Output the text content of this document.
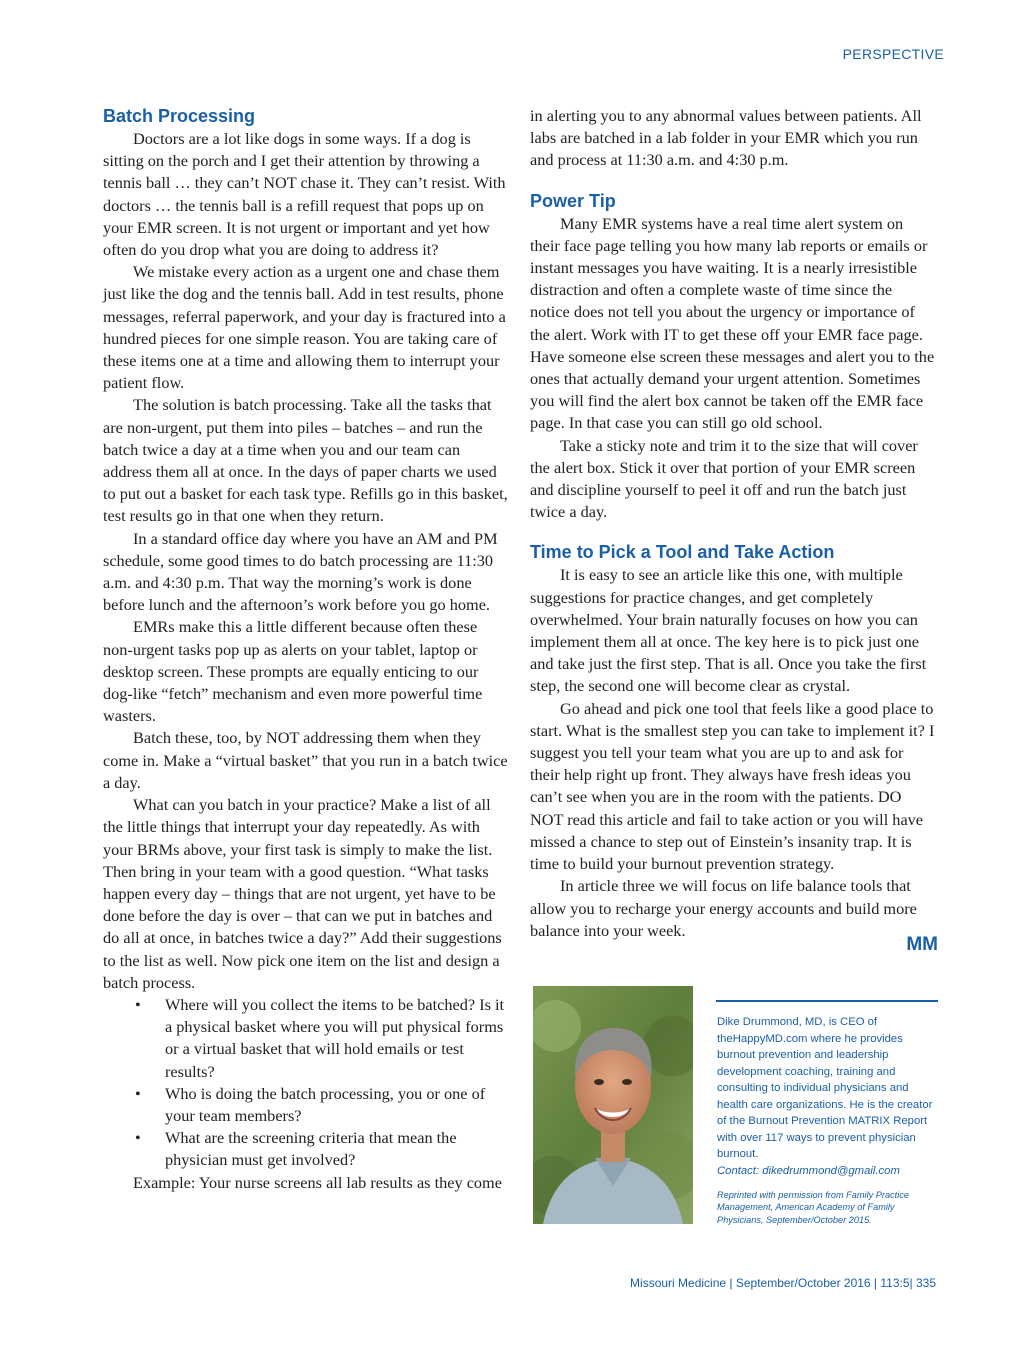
PERSPECTIVE
Batch Processing

Doctors are a lot like dogs in some ways. If a dog is sitting on the porch and I get their attention by throwing a tennis ball … they can’t NOT chase it. They can’t resist. With doctors … the tennis ball is a refill request that pops up on your EMR screen. It is not urgent or important and yet how often do you drop what you are doing to address it?

We mistake every action as a urgent one and chase them just like the dog and the tennis ball. Add in test results, phone messages, referral paperwork, and your day is fractured into a hundred pieces for one simple reason. You are taking care of these items one at a time and allowing them to interrupt your patient flow.

The solution is batch processing. Take all the tasks that are non-urgent, put them into piles – batches – and run the batch twice a day at a time when you and our team can address them all at once. In the days of paper charts we used to put out a basket for each task type. Refills go in this basket, test results go in that one when they return.

In a standard office day where you have an AM and PM schedule, some good times to do batch processing are 11:30 a.m. and 4:30 p.m. That way the morning’s work is done before lunch and the afternoon’s work before you go home.

EMRs make this a little different because often these non-urgent tasks pop up as alerts on your tablet, laptop or desktop screen. These prompts are equally enticing to our dog-like “fetch” mechanism and even more powerful time wasters.

Batch these, too, by NOT addressing them when they come in. Make a “virtual basket” that you run in a batch twice a day.

What can you batch in your practice? Make a list of all the little things that interrupt your day repeatedly. As with your BRMs above, your first task is simply to make the list. Then bring in your team with a good question. “What tasks happen every day – things that are not urgent, yet have to be done before the day is over – that can we put in batches and do all at once, in batches twice a day?” Add their suggestions to the list as well. Now pick one item on the list and design a batch process.

• Where will you collect the items to be batched? Is it a physical basket where you will put physical forms or a virtual basket that will hold emails or test results?
• Who is doing the batch processing, you or one of your team members?
• What are the screening criteria that mean the physician must get involved?

Example: Your nurse screens all lab results as they come

in alerting you to any abnormal values between patients. All labs are batched in a lab folder in your EMR which you run and process at 11:30 a.m. and 4:30 p.m.

Power Tip

Many EMR systems have a real time alert system on their face page telling you how many lab reports or emails or instant messages you have waiting. It is a nearly irresistible distraction and often a complete waste of time since the notice does not tell you about the urgency or importance of the alert. Work with IT to get these off your EMR face page. Have someone else screen these messages and alert you to the ones that actually demand your urgent attention. Sometimes you will find the alert box cannot be taken off the EMR face page. In that case you can still go old school.

Take a sticky note and trim it to the size that will cover the alert box. Stick it over that portion of your EMR screen and discipline yourself to peel it off and run the batch just twice a day.

Time to Pick a Tool and Take Action

It is easy to see an article like this one, with multiple suggestions for practice changes, and get completely overwhelmed. Your brain naturally focuses on how you can implement them all at once. The key here is to pick just one and take just the first step. That is all. Once you take the first step, the second one will become clear as crystal.

Go ahead and pick one tool that feels like a good place to start. What is the smallest step you can take to implement it? I suggest you tell your team what you are up to and ask for their help right up front. They always have fresh ideas you can’t see when you are in the room with the patients. DO NOT read this article and fail to take action or you will have missed a chance to step out of Einstein’s insanity trap. It is time to build your burnout prevention strategy.

In article three we will focus on life balance tools that allow you to recharge your energy accounts and build more balance into your week.

MM
Dike Drummond, MD, is CEO of theHappyMD.com where he provides burnout prevention and leadership development coaching, training and consulting to individual physicians and health care organizations. He is the creator of the Burnout Prevention MATRIX Report with over 117 ways to prevent physician burnout.
Contact: dikedrummond@gmail.com
Reprinted with permission from Family Practice Management, American Academy of Family Physicians, September/October 2015.
Missouri Medicine | September/October 2016 | 113:5| 335
